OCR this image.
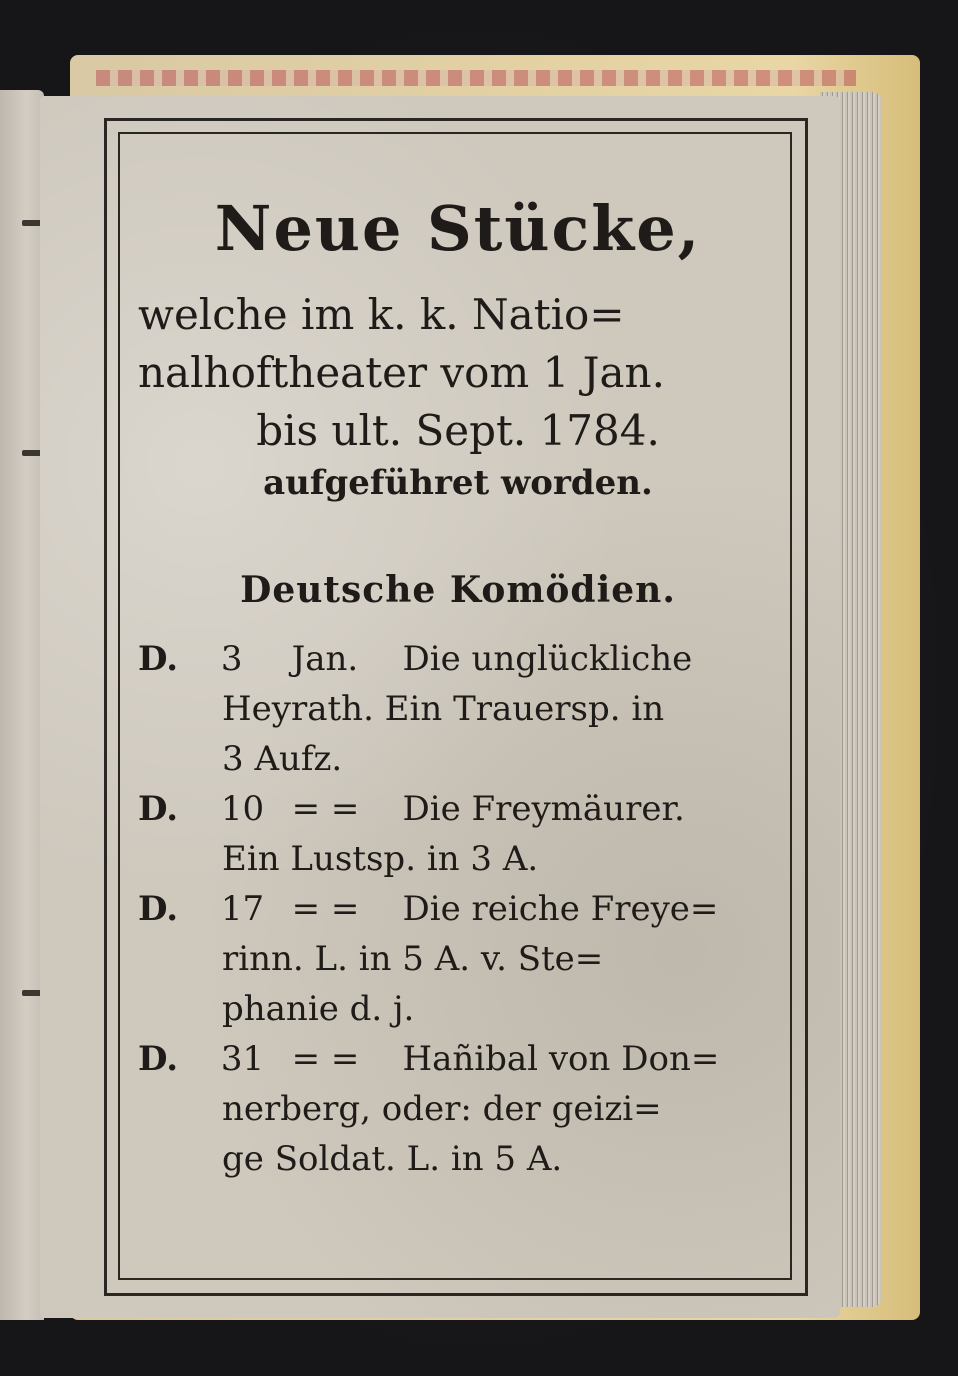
Neue Stücke,
welche im k. k. Natio=
nalhoftheater vom 1 Jan.
bis ult. Sept. 1784.
aufgeführet worden.
Deutsche Komödien.
D. 3 Jan. Die unglückliche
Heyrath. Ein Trauersp. in
3 Aufz.
D. 10 = = Die Freymäurer.
Ein Lustsp. in 3 A.
D. 17 = = Die reiche Freye=
rinn. L. in 5 A. v. Ste=
phanie d. j.
D. 31 = = Hañibal von Don=
nerberg, oder: der geizi=
ge Soldat. L. in 5 A.
